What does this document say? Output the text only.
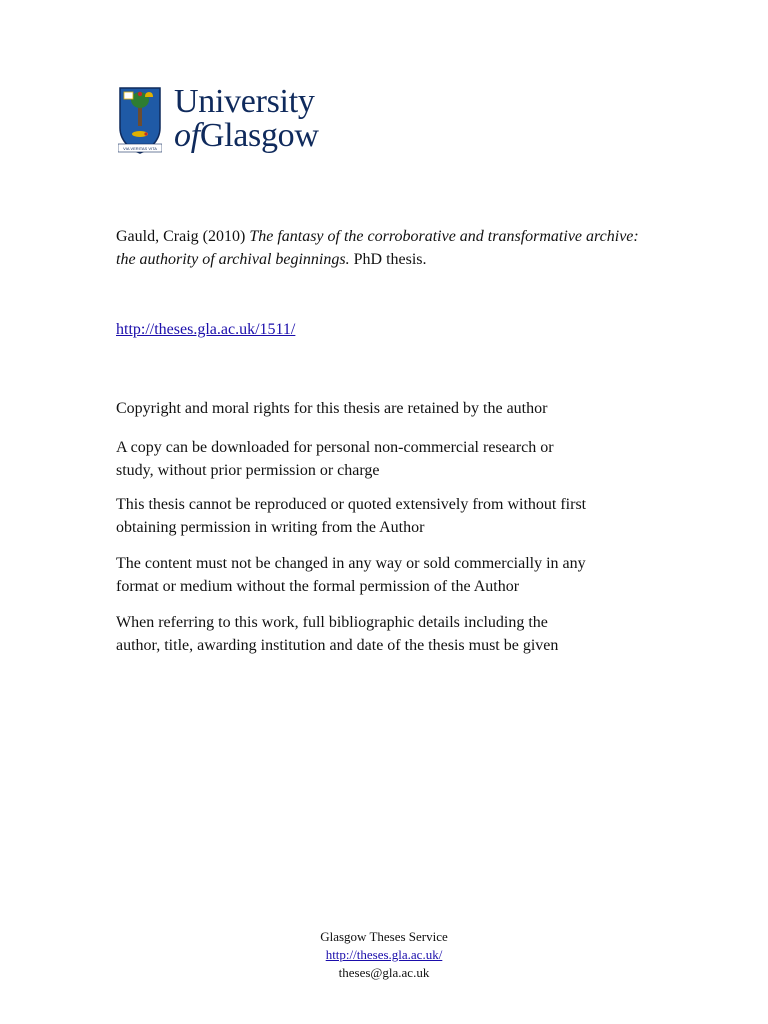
VIA VERITAS VITA
University
ofGlasgow
Gauld, Craig (2010) The fantasy of the corroborative and transformative archive: the authority of archival beginnings. PhD thesis.
http://theses.gla.ac.uk/1511/
Copyright and moral rights for this thesis are retained by the author
A copy can be downloaded for personal non-commercial research or
study, without prior permission or charge
This thesis cannot be reproduced or quoted extensively from without first
obtaining permission in writing from the Author
The content must not be changed in any way or sold commercially in any
format or medium without the formal permission of the Author
When referring to this work, full bibliographic details including the
author, title, awarding institution and date of the thesis must be given
Glasgow Theses Service
http://theses.gla.ac.uk/
theses@gla.ac.uk
